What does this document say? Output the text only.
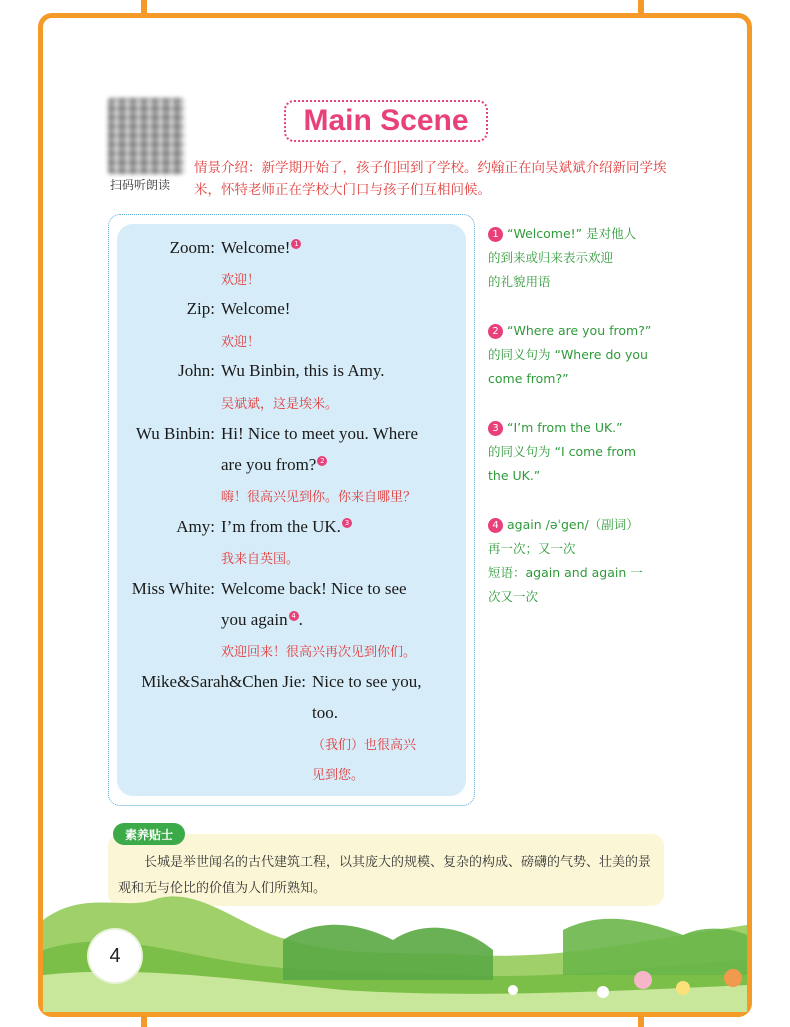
扫码听朗读
Main Scene
情景介绍：新学期开始了，孩子们回到了学校。约翰正在向吴斌斌介绍新同学埃米，怀特老师正在学校大门口与孩子们互相问候。
Zoom: Welcome! 1
欢迎！
Zip: Welcome!
欢迎！
John: Wu Binbin, this is Amy.
吴斌斌，这是埃米。
Wu Binbin: Hi! Nice to meet you. Where
are you from? 2
嗨！很高兴见到你。你来自哪里？
Amy: I’m from the UK. 3
我来自英国。
Miss White: Welcome back! Nice to see
you again 4 .
欢迎回来！很高兴再次见到你们。
Mike&Sarah&Chen Jie: Nice to see you,
too.
（我们）也很高兴
见到您。
1 “Welcome!” 是对他人
的到来或归来表示欢迎
的礼貌用语
2 “Where are you from?”
的同义句为 “Where do you
come from?”
3 “I’m from the UK.”
的同义句为 “I come from
the UK.”
4 again /əˈgen/（副词）
再一次；又一次
短语：again and again 一
次又一次
素养贴士
长城是举世闻名的古代建筑工程，以其庞大的规模、复杂的构成、磅礴的气势、壮美的景观和无与伦比的价值为人们所熟知。
4
